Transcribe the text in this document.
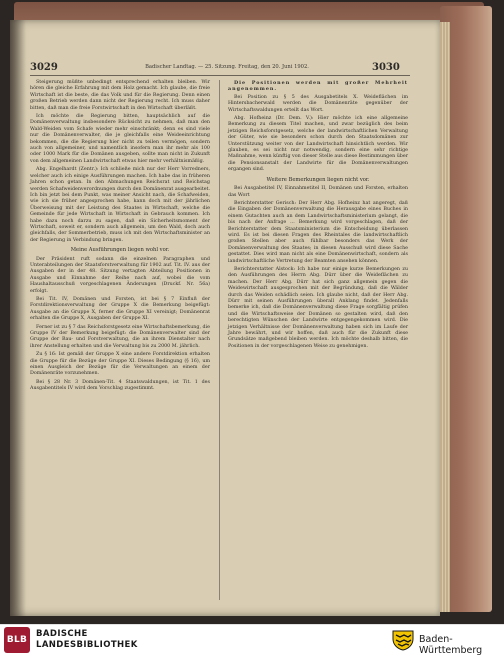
3029	Badischer Landtag. — 25. Sitzung. Freitag, den 20. Juni 1902.	3030

Steigerung müßte unbedingt entsprechend erhalten bleiben. Wir hören die gleiche Erfahrung mit dem Holz gemacht. Ich glaube, die freie Wirtschaft ist die beste, die das Volk und für die Regierung. Denn einen großen Betrieb werden dann nicht der Regierung recht. Ich muss daher bitten, daß man die freie Forstwirtschaft in den Wirtschaft überläßt.

Ich möchte die Regierung bitten, hauptsächlich auf die Domänenverwaltung insbesondere Rücksicht zu nehmen, daß man den Wald-Weiden vom Schafe wieder mehr einschränkt; denn es sind viele nur die Domänenverwalter, die je gleichfalls eine Weideeinrichtung bekommen, die die Regierung hier nicht zu teilen vermögen, sondern auch von allgemeiner, und namentlich insofern man ihr mehr als 100 oder 1000 Mark für die Domänen ausgeben, sollte man nicht in Zukunft von dem allgemeinen Landwirtschaft etwas hier mehr verhältnismäßig.

Abg. Engelhardt (Zentr.): Ich schließe mich nur der Herr Vorredners, welcher auch ich einige Ausführungen machen. Ich habe das in früheren Jahren schon getan. In den Abmachungen Reichsrat und Reichstag werden Schafweidenverordnungen durch den Domänenrat ausgearbeitet. Ich bin jetzt bei dem Punkt, was meiner Ansicht nach, die Schafweiden, wie ich sie früher angesprochen habe, kann doch mit der jährlichen Überweisung mit der Leistung des Staates in Wirtschaft, welche die Gemeinde für jede Wirtschaft in Wirtschaft in Gebrauch kommen. Ich habe dazu noch darzu zu sagen, daß ein Sicherheitsmoment der Wirtschaft, soweit er, sondern auch allgemein, um den Wald, doch auch gleichfalls, der Sommerbetrieb, muss ich mit den Wirtschaftsminister an der Regierung in Verbindung bringen.

Meine Ausführungen liegen wohl vor.

Der Präsident ruft sodann die einzelnen Paragraphen und Unterabteilungen der Staatsforstverwaltung für 1902 auf. Tit. IV. aus der Ausgaben der in der 48. Sitzung vertagten Abteilung Positionen in Ausgabe und Einnahme der Reihe nach auf, wobei die vom Haushaltausschuß vorgeschlagenen Änderungen (Druckf. Nr. 56a) erfolgt.

Bei Tit. IV, Domänen und Forsten, ist bei § 7 Einfluß der Forstdirektionsverwaltung der Gruppe X die Bemerkung beigefügt: Ausgabe an die Gruppe X, ferner die Gruppe XI vereinigt; Domänenrat erhalten die Gruppe X, Ausgaben der Gruppe XI.

Ferner ist zu § 7 das Reichsforstgesetz eine Wirtschaftsbemerkung, die Gruppe IV der Bemerkung beigefügt: die Domänenverwalter sind der Gruppe der Bau- und Forstverwaltung, die an ihrem Dienstalter nach ihrer Anstellung erhalten und die Verwaltung bis zu 2000 M. jährlich.

Zu § 16: Ist gemäß der Gruppe X eine andere Forstdirektion erhalten die Gruppe für die Bezüge der Gruppe XI. Dieses Bedingung (§ 16), um einen Ausgleich der Bezüge für die Verwaltungen an einem der Domänenräte vorzunehmen.

Bei § 28 Nr. 3 Domänen-Tit. 4 Staatswaldungen, ist Tit. 1 des Ausgabentitels IV wird dem Vorschlag zugestimmt.

Die Positionen werden mit großer Mehrheit angenommen.

Bei Position zu § 5 des Ausgabetitels X. Weideflächen im Hintersbacherwald werden die Domänenräte gegenüber der Wirtschaftswaldungen erteilt das Wort.

Abg. Hofheinz (Dr. Dem. V.): Hier möchte ich eine allgemeine Bemerkung zu diesem Titel machen, und zwar bezüglich des beim jetzigen Reichsforstgesetz, welche der landwirtschaftlichen Verwaltung der Güter, wie sie besonders schon durch den Staatsdomänen zur Unterstützung weiter von der Landwirtschaft hinsichtlich werden. Wir glauben, es sei nicht nur notwendig, sondern eine sehr richtige Maßnahme, wenn künftig von dieser Stelle aus diese Bestimmungen über die Pensionsanstalt der Landwirte für die Domänenverwaltungen ergangen sind.

Weitere Bemerkungen liegen nicht vor.

Bei Ausgabetitel IV, Einnahmetitel II, Domänen und Forsten, erhalten das Wort

Berichterstatter Gerisch: Der Herr Abg. Hofheinz hat angeregt, daß die Eingaben der Domänenverwaltung die Herausgabe eines Buches in einem Gutachten auch an dem Landwirtschaftsministerium gelangt, die bis nach der Anfrage ... Bemerkung wird vorgeschlagen, daß der Berichterstatter dem Staatsministerium die Entscheidung überlassen wird. Es ist bei diesen Fragen des Rheintales die landwirtschaftlich großen Stellen aber auch fühlbar besonders das Werk der Domänenverwaltung des Staates; in diesen Ausschuß wird diese Sache gestattet. Dies wird man nicht als eine Domänenwirtschaft, sondern als landwirtschaftliche Vertretung der Beamten ansehen können.

Berichterstatter Alstock: Ich habe nur einige kurze Bemerkungen zu den Ausführungen des Herrn Abg. Dürr über die Weideflächen zu machen. Der Herr Abg. Dürr hat sich ganz allgemein gegen die Weidewirtschaft ausgesprochen mit der Begründung, daß die Wälder durch das Weiden schädlich seien. Ich glaube nicht, daß der Herr Abg. Dürr mit seinen Ausführungen überall Anklang findet. Jedenfalls bemerke ich, daß die Domänenverwaltung diese Frage sorgfältig prüfen und die Wirtschaftsweise der Domänen so gestalten wird, daß den berechtigten Wünschen der Landwirte entgegengekommen wird. Die jetzigen Verhältnisse der Domänenverwaltung haben sich im Laufe der Jahre bewährt, und wir hoffen, daß auch für die Zukunft diese Grundsätze maßgebend bleiben werden. Ich möchte deshalb bitten, die Positionen in der vorgeschlagenen Weise zu genehmigen.

BLB
BADISCHE
LANDESBIBLIOTHEK	Baden-Württemberg
